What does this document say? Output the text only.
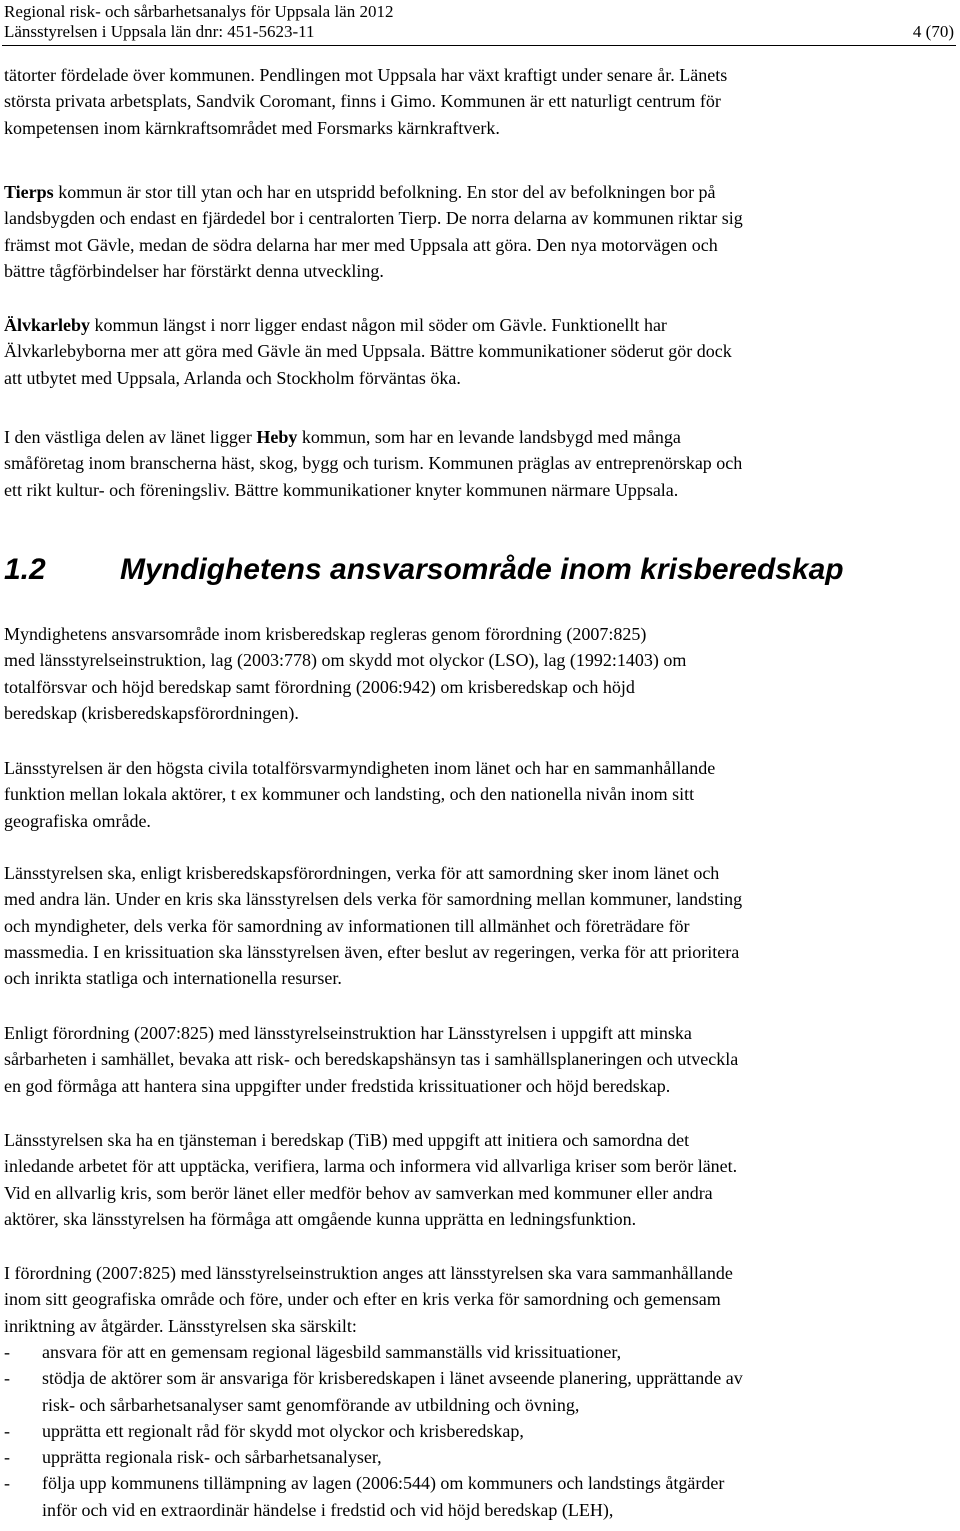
Regional risk- och sårbarhetsanalys för Uppsala län 2012
Länsstyrelsen i Uppsala län dnr: 451-5623-11	4 (70)

tätorter fördelade över kommunen. Pendlingen mot Uppsala har växt kraftigt under senare år. Länets
största privata arbetsplats, Sandvik Coromant, finns i Gimo. Kommunen är ett naturligt centrum för
kompetensen inom kärnkraftsområdet med Forsmarks kärnkraftverk.

Tierps kommun är stor till ytan och har en utspridd befolkning. En stor del av befolkningen bor på
landsbygden och endast en fjärdedel bor i centralorten Tierp. De norra delarna av kommunen riktar sig
främst mot Gävle, medan de södra delarna har mer med Uppsala att göra. Den nya motorvägen och
bättre tågförbindelser har förstärkt denna utveckling.

Älvkarleby kommun längst i norr ligger endast någon mil söder om Gävle. Funktionellt har
Älvkarlebyborna mer att göra med Gävle än med Uppsala. Bättre kommunikationer söderut gör dock
att utbytet med Uppsala, Arlanda och Stockholm förväntas öka.

I den västliga delen av länet ligger Heby kommun, som har en levande landsbygd med många
småföretag inom branscherna häst, skog, bygg och turism. Kommunen präglas av entreprenörskap och
ett rikt kultur- och föreningsliv. Bättre kommunikationer knyter kommunen närmare Uppsala.

1.2 Myndighetens ansvarsområde inom krisberedskap

Myndighetens ansvarsområde inom krisberedskap regleras genom förordning (2007:825)
med länsstyrelseinstruktion, lag (2003:778) om skydd mot olyckor (LSO), lag (1992:1403) om
totalförsvar och höjd beredskap samt förordning (2006:942) om krisberedskap och höjd
beredskap (krisberedskapsförordningen).

Länsstyrelsen är den högsta civila totalförsvarmyndigheten inom länet och har en sammanhållande
funktion mellan lokala aktörer, t ex kommuner och landsting, och den nationella nivån inom sitt
geografiska område.

Länsstyrelsen ska, enligt krisberedskapsförordningen, verka för att samordning sker inom länet och
med andra län. Under en kris ska länsstyrelsen dels verka för samordning mellan kommuner, landsting
och myndigheter, dels verka för samordning av informationen till allmänhet och företrädare för
massmedia. I en krissituation ska länsstyrelsen även, efter beslut av regeringen, verka för att prioritera
och inrikta statliga och internationella resurser.

Enligt förordning (2007:825) med länsstyrelseinstruktion har Länsstyrelsen i uppgift att minska
sårbarheten i samhället, bevaka att risk- och beredskapshänsyn tas i samhällsplaneringen och utveckla
en god förmåga att hantera sina uppgifter under fredstida krissituationer och höjd beredskap.

Länsstyrelsen ska ha en tjänsteman i beredskap (TiB) med uppgift att initiera och samordna det
inledande arbetet för att upptäcka, verifiera, larma och informera vid allvarliga kriser som berör länet.
Vid en allvarlig kris, som berör länet eller medför behov av samverkan med kommuner eller andra
aktörer, ska länsstyrelsen ha förmåga att omgående kunna upprätta en ledningsfunktion.

I förordning (2007:825) med länsstyrelseinstruktion anges att länsstyrelsen ska vara sammanhållande
inom sitt geografiska område och före, under och efter en kris verka för samordning och gemensam
inriktning av åtgärder. Länsstyrelsen ska särskilt:

- ansvara för att en gemensam regional lägesbild sammanställs vid krissituationer,
- stödja de aktörer som är ansvariga för krisberedskapen i länet avseende planering, upprättande av
risk- och sårbarhetsanalyser samt genomförande av utbildning och övning,
- upprätta ett regionalt råd för skydd mot olyckor och krisberedskap,
- upprätta regionala risk- och sårbarhetsanalyser,
- följa upp kommunens tillämpning av lagen (2006:544) om kommuners och landstings åtgärder
inför och vid en extraordinär händelse i fredstid och vid höjd beredskap (LEH),
